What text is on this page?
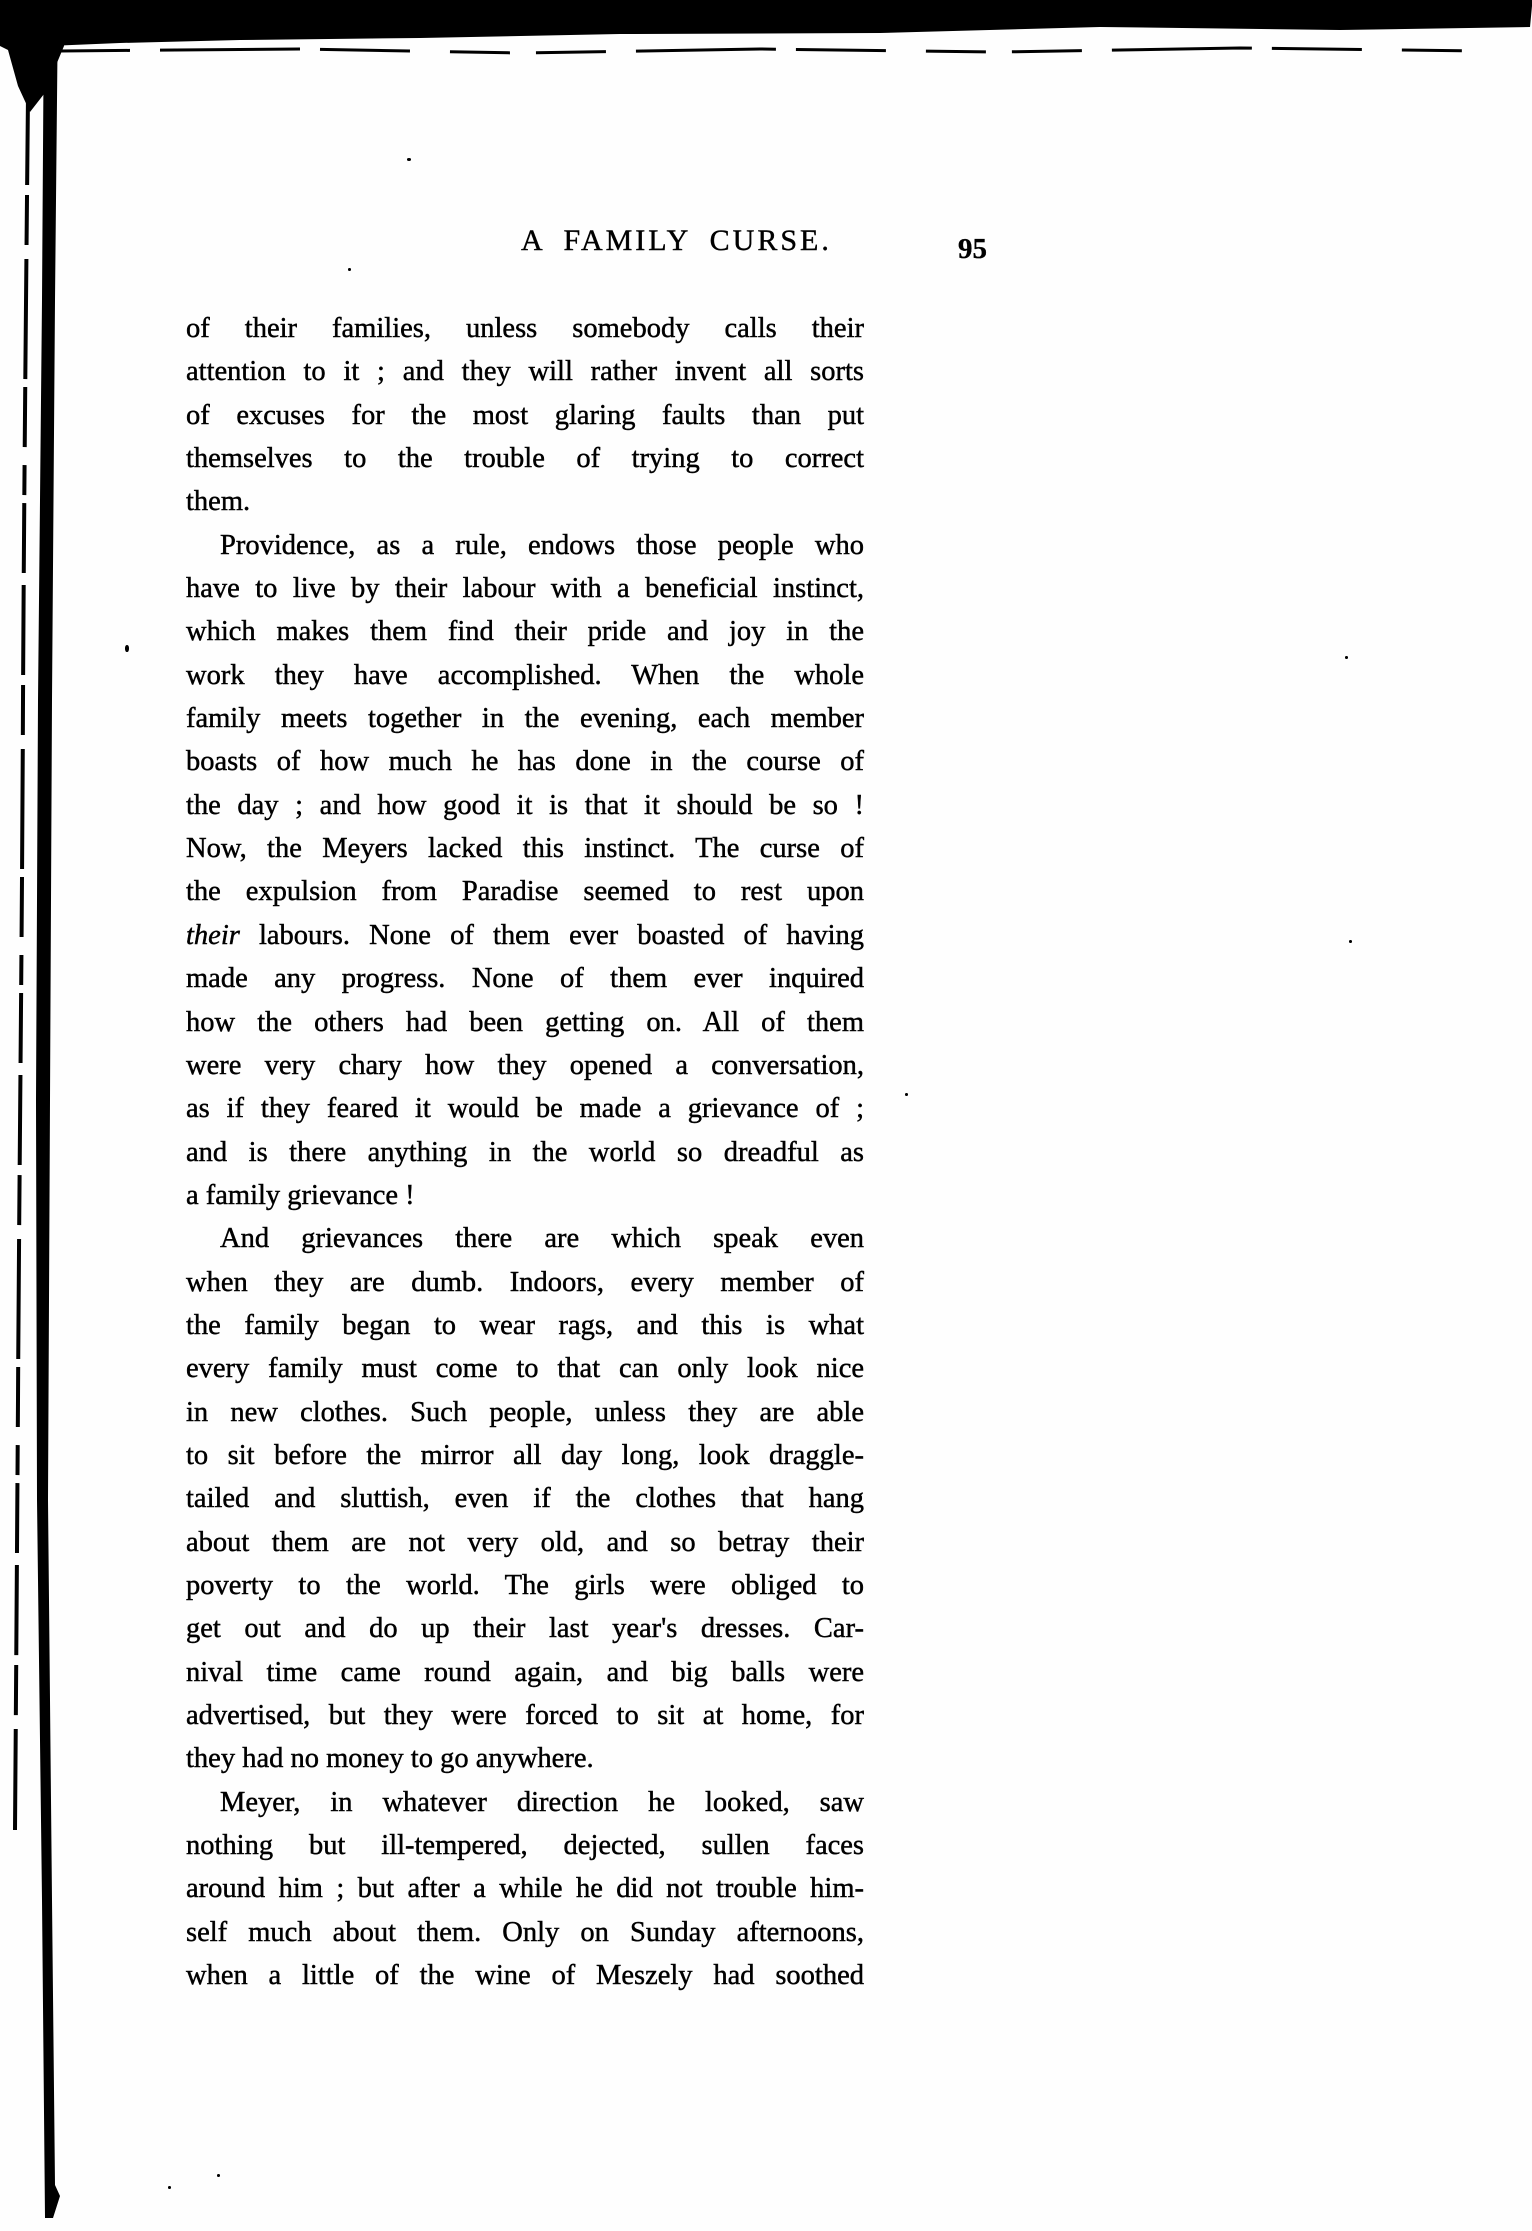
A FAMILY CURSE.	95
of their families, unless somebody calls their
attention to it ; and they will rather invent all sorts
of excuses for the most glaring faults than put
themselves to the trouble of trying to correct
them.
Providence, as a rule, endows those people who
have to live by their labour with a beneficial instinct,
which makes them find their pride and joy in the
work they have accomplished. When the whole
family meets together in the evening, each member
boasts of how much he has done in the course of
the day ; and how good it is that it should be so !
Now, the Meyers lacked this instinct. The curse of
the expulsion from Paradise seemed to rest upon
their labours. None of them ever boasted of having
made any progress. None of them ever inquired
how the others had been getting on. All of them
were very chary how they opened a conversation,
as if they feared it would be made a grievance of ;
and is there anything in the world so dreadful as
a family grievance !
And grievances there are which speak even
when they are dumb. Indoors, every member of
the family began to wear rags, and this is what
every family must come to that can only look nice
in new clothes. Such people, unless they are able
to sit before the mirror all day long, look draggle-
tailed and sluttish, even if the clothes that hang
about them are not very old, and so betray their
poverty to the world. The girls were obliged to
get out and do up their last year's dresses. Car-
nival time came round again, and big balls were
advertised, but they were forced to sit at home, for
they had no money to go anywhere.
Meyer, in whatever direction he looked, saw
nothing but ill-tempered, dejected, sullen faces
around him ; but after a while he did not trouble him-
self much about them. Only on Sunday afternoons,
when a little of the wine of Meszely had soothed
